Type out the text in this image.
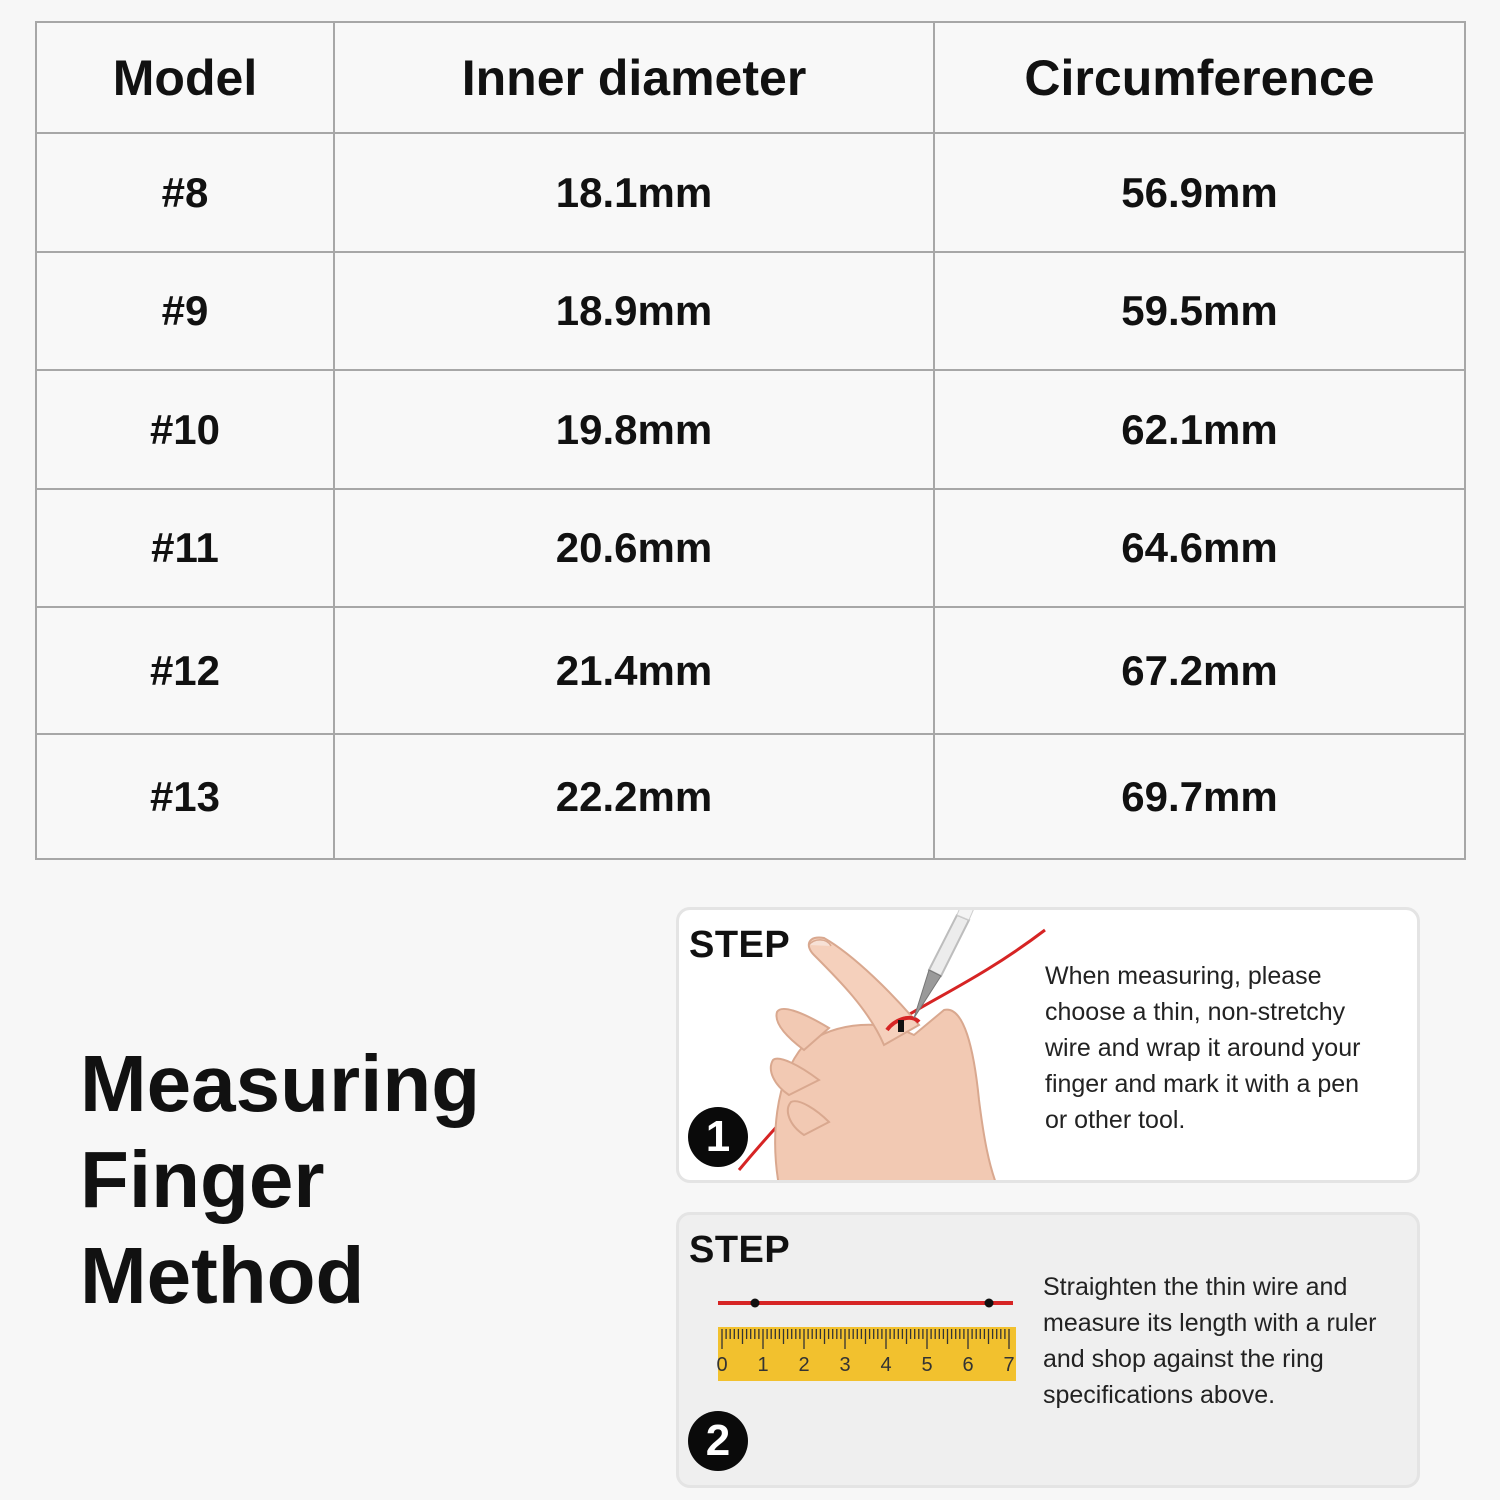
Model	Inner diameter	Circumference
#8	18.1mm	56.9mm
#9	18.9mm	59.5mm
#10	19.8mm	62.1mm
#11	20.6mm	64.6mm
#12	21.4mm	67.2mm
#13	22.2mm	69.7mm
Measuring
Finger
Method
STEP
1
When measuring, please choose a thin, non-stretchy wire and wrap it around your finger and mark it with a pen or other tool.
0 1 2 3 4 5 6 7
STEP
2
Straighten the thin wire and measure its length with a ruler and shop against the ring specifications above.
